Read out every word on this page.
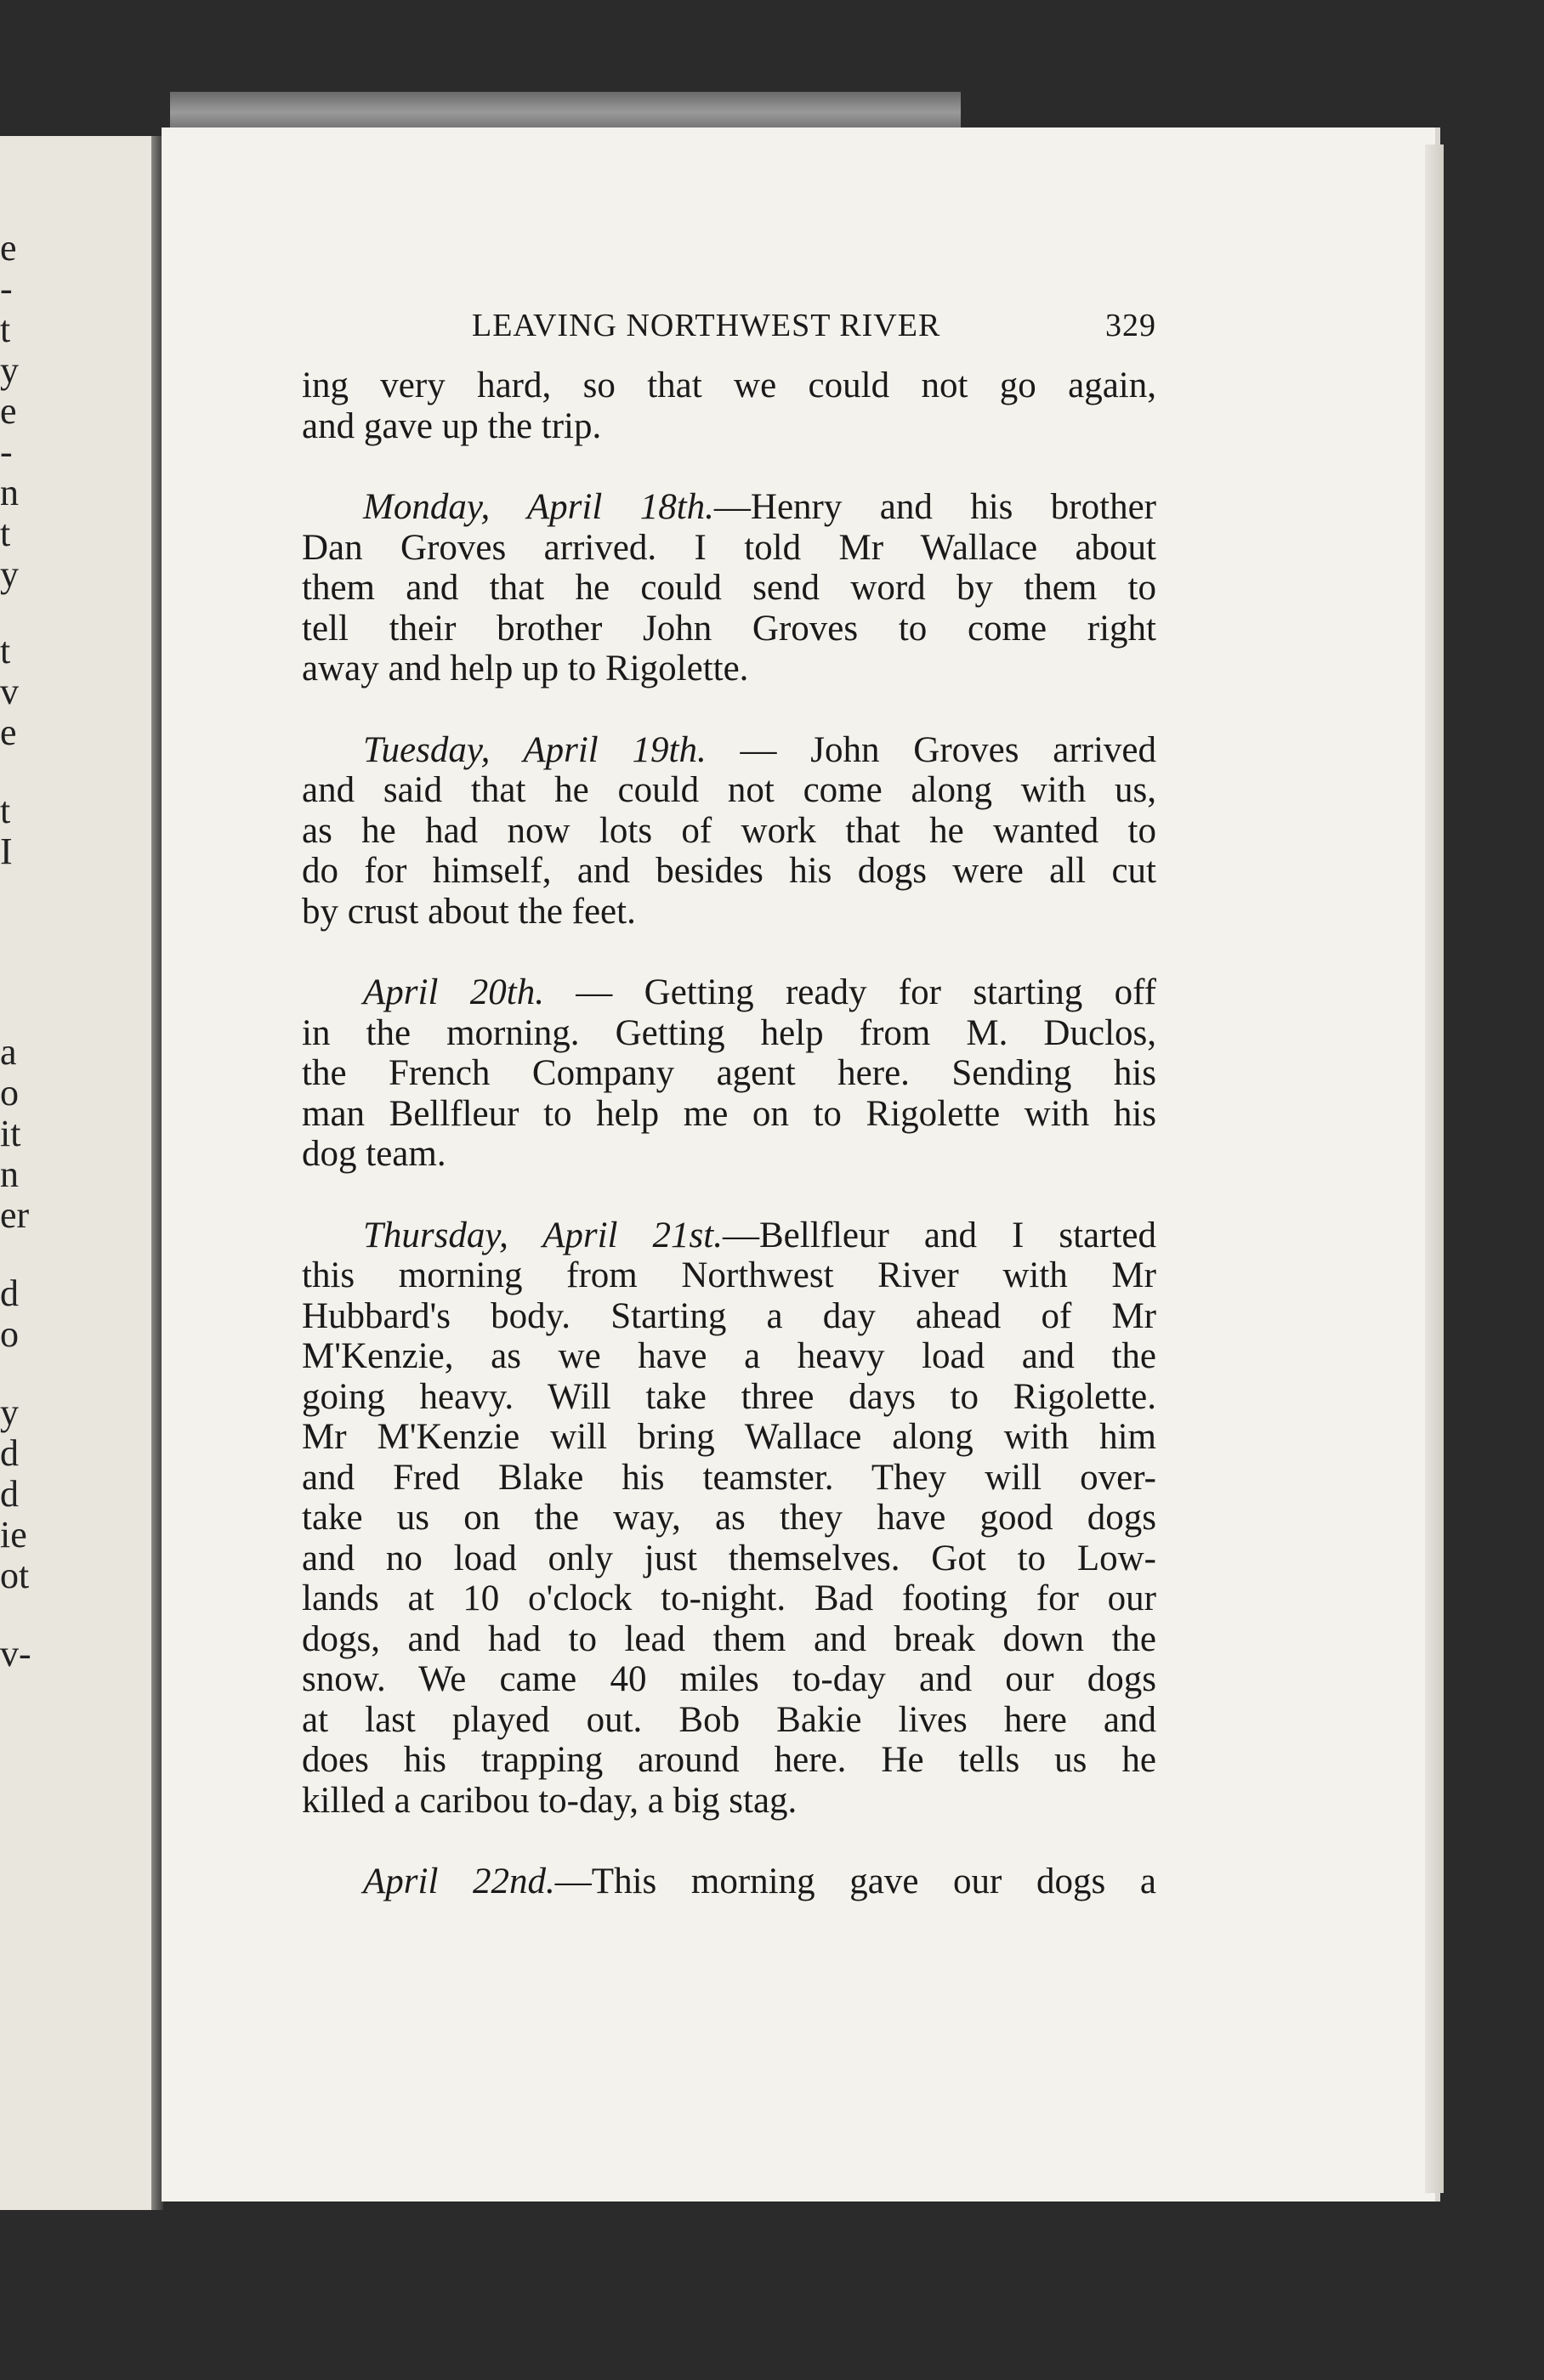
e
-
t
y
e
-
n
t
y
t
v
e
t
I
a
o
it
n
er
d
o
y
d
d
ie
ot
v-
LEAVING NORTHWEST RIVER	329

ing very hard, so that we could not go again,
and gave up the trip.

Monday, April 18th.—Henry and his brother
Dan Groves arrived. I told Mr Wallace about
them and that he could send word by them to
tell their brother John Groves to come right
away and help up to Rigolette.

Tuesday, April 19th. — John Groves arrived
and said that he could not come along with us,
as he had now lots of work that he wanted to
do for himself, and besides his dogs were all cut
by crust about the feet.

April 20th. — Getting ready for starting off
in the morning. Getting help from M. Duclos,
the French Company agent here. Sending his
man Bellfleur to help me on to Rigolette with his
dog team.

Thursday, April 21st.—Bellfleur and I started
this morning from Northwest River with Mr
Hubbard's body. Starting a day ahead of Mr
M'Kenzie, as we have a heavy load and the
going heavy. Will take three days to Rigolette.
Mr M'Kenzie will bring Wallace along with him
and Fred Blake his teamster. They will over-
take us on the way, as they have good dogs
and no load only just themselves. Got to Low-
lands at 10 o'clock to-night. Bad footing for our
dogs, and had to lead them and break down the
snow. We came 40 miles to-day and our dogs
at last played out. Bob Bakie lives here and
does his trapping around here. He tells us he
killed a caribou to-day, a big stag.

April 22nd.—This morning gave our dogs a
